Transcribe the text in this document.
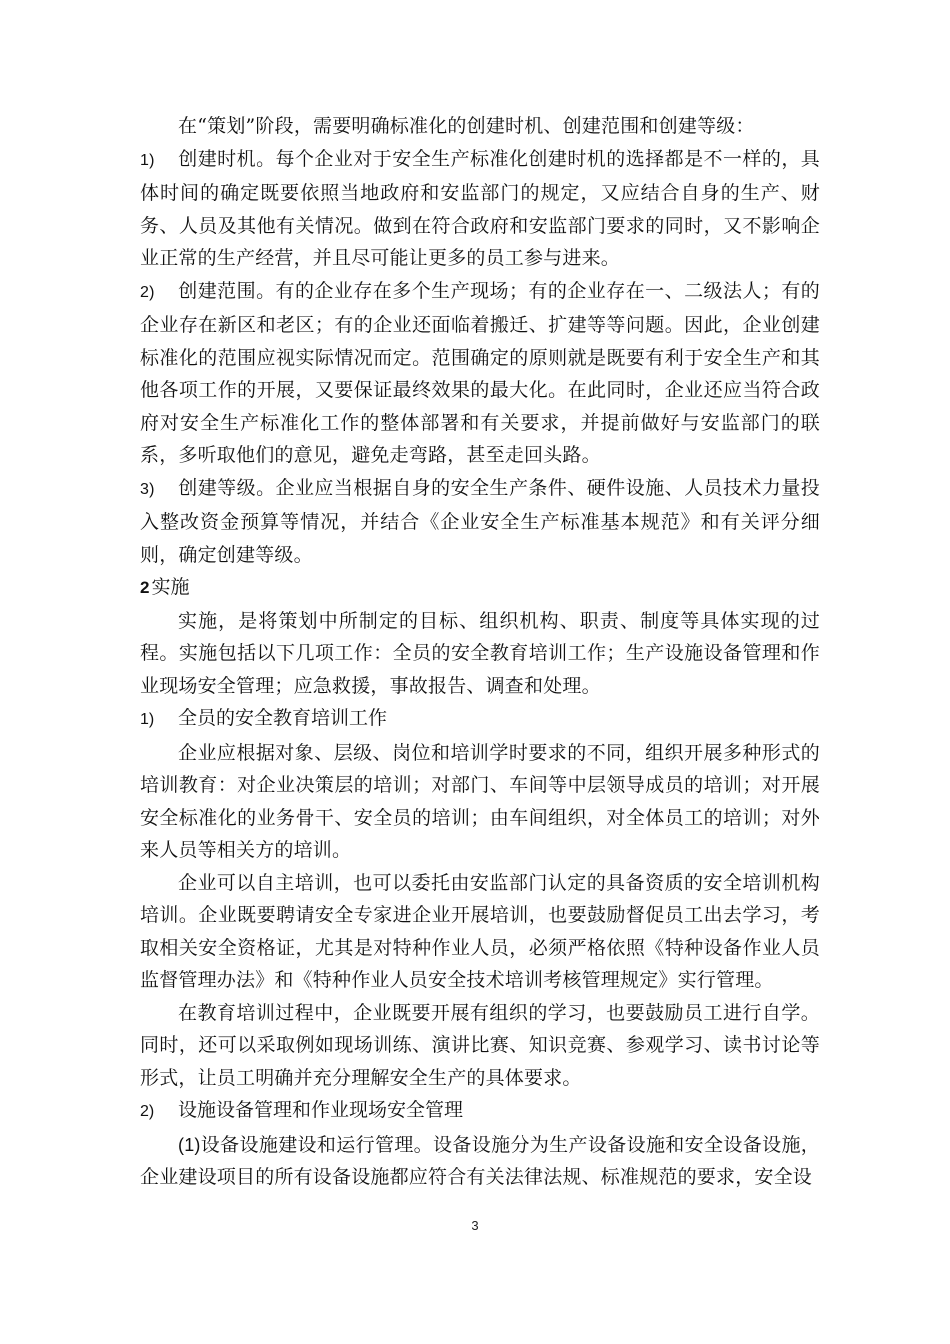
在“策划”阶段，需要明确标准化的创建时机、创建范围和创建等级：

1) 创建时机。每个企业对于安全生产标准化创建时机的选择都是不一样的，具体时间的确定既要依照当地政府和安监部门的规定，又应结合自身的生产、财务、人员及其他有关情况。做到在符合政府和安监部门要求的同时，又不影响企业正常的生产经营，并且尽可能让更多的员工参与进来。

2) 创建范围。有的企业存在多个生产现场；有的企业存在一、二级法人；有的企业存在新区和老区；有的企业还面临着搬迁、扩建等等问题。因此，企业创建标准化的范围应视实际情况而定。范围确定的原则就是既要有利于安全生产和其他各项工作的开展，又要保证最终效果的最大化。在此同时，企业还应当符合政府对安全生产标准化工作的整体部署和有关要求，并提前做好与安监部门的联系，多听取他们的意见，避免走弯路，甚至走回头路。

3) 创建等级。企业应当根据自身的安全生产条件、硬件设施、人员技术力量投入整改资金预算等情况，并结合《企业安全生产标准基本规范》和有关评分细则，确定创建等级。

2 实施

实施，是将策划中所制定的目标、组织机构、职责、制度等具体实现的过程。实施包括以下几项工作：全员的安全教育培训工作；生产设施设备管理和作业现场安全管理；应急救援，事故报告、调查和处理。

1) 全员的安全教育培训工作

企业应根据对象、层级、岗位和培训学时要求的不同，组织开展多种形式的培训教育：对企业决策层的培训；对部门、车间等中层领导成员的培训；对开展安全标准化的业务骨干、安全员的培训；由车间组织，对全体员工的培训；对外来人员等相关方的培训。

企业可以自主培训，也可以委托由安监部门认定的具备资质的安全培训机构培训。企业既要聘请安全专家进企业开展培训，也要鼓励督促员工出去学习，考取相关安全资格证，尤其是对特种作业人员，必须严格依照《特种设备作业人员监督管理办法》和《特种作业人员安全技术培训考核管理规定》实行管理。

在教育培训过程中，企业既要开展有组织的学习，也要鼓励员工进行自学。同时，还可以采取例如现场训练、演讲比赛、知识竞赛、参观学习、读书讨论等形式，让员工明确并充分理解安全生产的具体要求。

2) 设施设备管理和作业现场安全管理

(1)设备设施建设和运行管理。设备设施分为生产设备设施和安全设备设施，企业建设项目的所有设备设施都应符合有关法律法规、标准规范的要求，安全设

3
